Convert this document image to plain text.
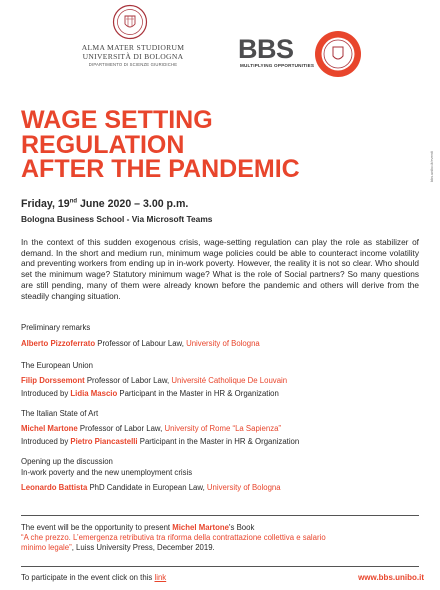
ALMA MATER STUDIORUM
UNIVERSITÀ DI BOLOGNA
DIPARTIMENTO DI SCIENZE GIURIDICHE
BBS
MULTIPLYING OPPORTUNITIES
bbs.unibo.it/eventi
WAGE SETTING
REGULATION
AFTER THE PANDEMIC
Friday, 19nd June 2020 – 3.00 p.m.
Bologna Business School - Via Microsoft Teams
In the context of this sudden exogenous crisis, wage-setting regulation can play the role as stabilizer of demand. In the short and medium run, minimum wage policies could be able to counteract income volatility and preventing workers from ending up in in-work poverty. However, the reality it is not so clear. Who should set the minimum wage? Statutory minimum wage? What is the role of Social partners? So many questions are still pending, many of them were already known before the pandemic and others will derive from the steadily changing situation.
Preliminary remarks
Alberto Pizzoferrato Professor of Labour Law, University of Bologna
The European Union
Filip Dorssemont Professor of Labor Law, Université Catholique De Louvain
Introduced by Lidia Mascio Participant in the Master in HR & Organization
The Italian State of Art
Michel Martone Professor of Labor Law, University of Rome “La Sapienza”
Introduced by Pietro Piancastelli Participant in the Master in HR & Organization
Opening up the discussion
In-work poverty and the new unemployment crisis
Leonardo Battista PhD Candidate in European Law, University of Bologna
The event will be the opportunity to present Michel Martone's Book
“A che prezzo. L’emergenza retributiva tra riforma della contrattazione collettiva e salario
minimo legale”, Luiss University Press, December 2019.
To participate in the event click on this link	www.bbs.unibo.it
